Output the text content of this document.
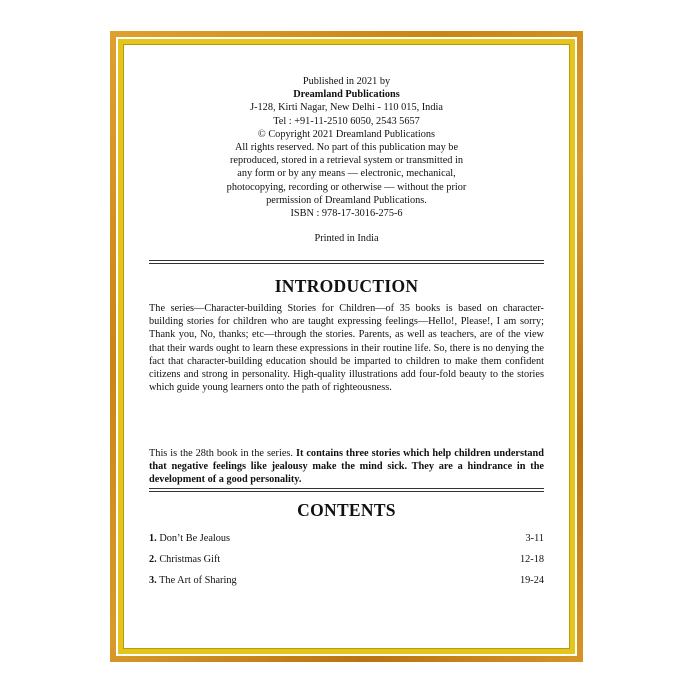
Published in 2021 by
Dreamland Publications
J-128, Kirti Nagar, New Delhi - 110 015, India
Tel : +91-11-2510 6050, 2543 5657
© Copyright 2021 Dreamland Publications
All rights reserved. No part of this publication may be
reproduced, stored in a retrieval system or transmitted in
any form or by any means — electronic, mechanical,
photocopying, recording or otherwise — without the prior
permission of Dreamland Publications.
ISBN : 978-17-3016-275-6
Printed in India
INTRODUCTION
The series—Character-building Stories for Children—of 35 books is based on character-building stories for children who are taught expressing feelings—Hello!, Please!, I am sorry; Thank you, No, thanks; etc—through the stories. Parents, as well as teachers, are of the view that their wards ought to learn these expressions in their routine life. So, there is no denying the fact that character-building education should be imparted to children to make them confident citizens and strong in personality. High-quality illustrations add four-fold beauty to the stories which guide young learners onto the path of righteousness.
This is the 28th book in the series. It contains three stories which help children understand that negative feelings like jealousy make the mind sick. They are a hindrance in the development of a good personality.
CONTENTS
1. Don’t Be Jealous	3-11
2. Christmas Gift	12-18
3. The Art of Sharing	19-24
